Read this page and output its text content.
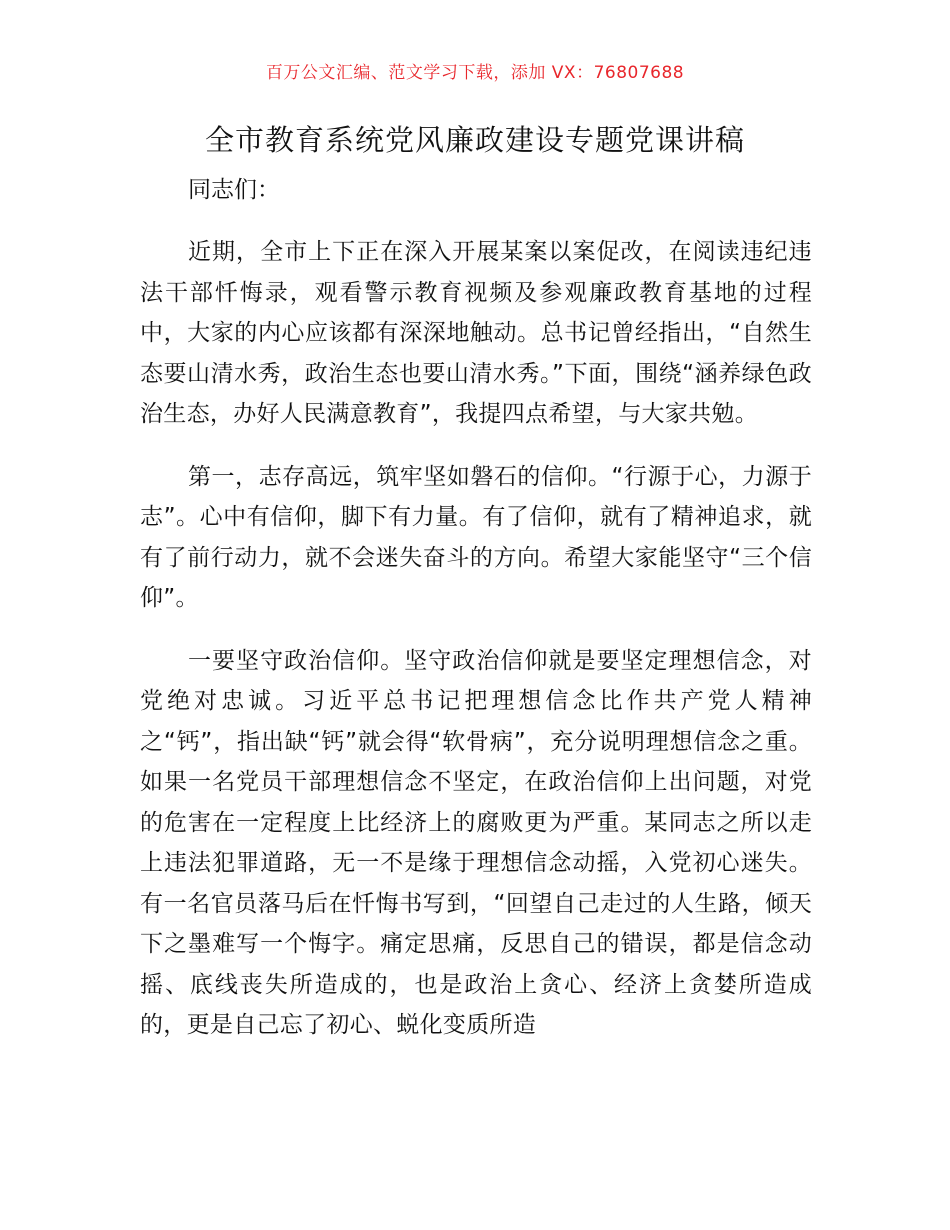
百万公文汇编、范文学习下载，添加 VX：76807688
全市教育系统党风廉政建设专题党课讲稿
同志们：

近期，全市上下正在深入开展某案以案促改，在阅读违纪违法干部忏悔录，观看警示教育视频及参观廉政教育基地的过程中，大家的内心应该都有深深地触动。总书记曾经指出，“自然生态要山清水秀，政治生态也要山清水秀。”下面，围绕“涵养绿色政治生态，办好人民满意教育”，我提四点希望，与大家共勉。

第一，志存高远，筑牢坚如磐石的信仰。“行源于心，力源于志”。心中有信仰，脚下有力量。有了信仰，就有了精神追求，就有了前行动力，就不会迷失奋斗的方向。希望大家能坚守“三个信仰”。

一要坚守政治信仰。坚守政治信仰就是要坚定理想信念，对党绝对忠诚。习近平总书记把理想信念比作共产党人精神之“钙”，指出缺“钙”就会得“软骨病”，充分说明理想信念之重。如果一名党员干部理想信念不坚定，在政治信仰上出问题，对党的危害在一定程度上比经济上的腐败更为严重。某同志之所以走上违法犯罪道路，无一不是缘于理想信念动摇，入党初心迷失。有一名官员落马后在忏悔书写到，“回望自己走过的人生路，倾天下之墨难写一个悔字。痛定思痛，反思自己的错误，都是信念动摇、底线丧失所造成的，也是政治上贪心、经济上贪婪所造成的，更是自己忘了初心、蜕化变质所造
